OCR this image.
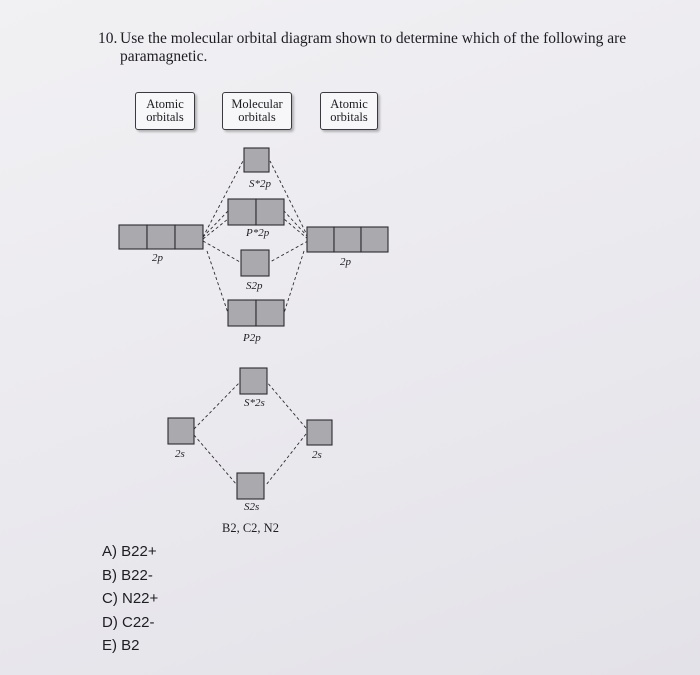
10. Use the molecular orbital diagram shown to determine which of the following are
paramagnetic.
Atomic
orbitals
Molecular
orbitals
Atomic
orbitals
S*2p
P*2p
S2p
P2p
S*2s
S2s
2p	2p
2s	2s
B2, C2, N2
A) B22+
B) B22-
C) N22+
D) C22-
E) B2
